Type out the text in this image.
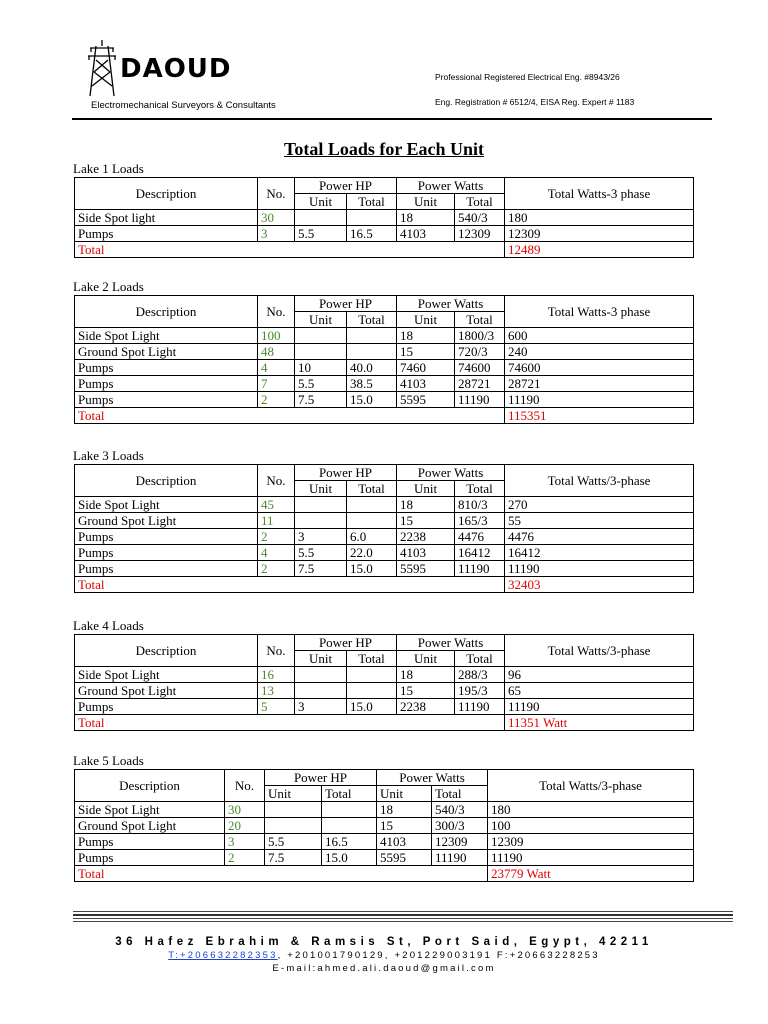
DAOUD
Electromechanical Surveyors & Consultants
Professional Registered Electrical Eng. #8943/26
Eng. Registration # 6512/4, EISA Reg. Expert # 1183
Total Loads for Each Unit
Lake 1 Loads
Description	No.	Power HP		Power Watts		Total Watts-3 phase
		Unit	Total	Unit	Total	
Side Spot light	30			18	540/3	180
Pumps	3	5.5	16.5	4103	12309	12309
Total						12489
Lake 2 Loads
Description	No.	Power HP		Power Watts		Total Watts-3 phase
		Unit	Total	Unit	Total	
Side Spot Light	100			18	1800/3	600
Ground Spot Light	48			15	720/3	240
Pumps	4	10	40.0	7460	74600	74600
Pumps	7	5.5	38.5	4103	28721	28721
Pumps	2	7.5	15.0	5595	11190	11190
Total						115351
Lake 3 Loads
Description	No.	Power HP		Power Watts		Total Watts/3-phase
		Unit	Total	Unit	Total	
Side Spot Light	45			18	810/3	270
Ground Spot Light	11			15	165/3	55
Pumps	2	3	6.0	2238	4476	4476
Pumps	4	5.5	22.0	4103	16412	16412
Pumps	2	7.5	15.0	5595	11190	11190
Total						32403
Lake 4 Loads
Description	No.	Power HP		Power Watts		Total Watts/3-phase
		Unit	Total	Unit	Total	
Side Spot Light	16			18	288/3	96
Ground Spot Light	13			15	195/3	65
Pumps	5	3	15.0	2238	11190	11190
Total						11351 Watt
Lake 5 Loads
Description	No.	Power HP		Power Watts		Total Watts/3-phase
		Unit	Total	Unit	Total	
Side Spot Light	30			18	540/3	180
Ground Spot Light	20			15	300/3	100
Pumps	3	5.5	16.5	4103	12309	12309
Pumps	2	7.5	15.0	5595	11190	11190
Total						23779 Watt
36 Hafez Ebrahim & Ramsis St, Port Said, Egypt, 42211
T:+206632282353, +201001790129, +201229003191 F:+20663228253
E-mail:ahmed.ali.daoud@gmail.com
